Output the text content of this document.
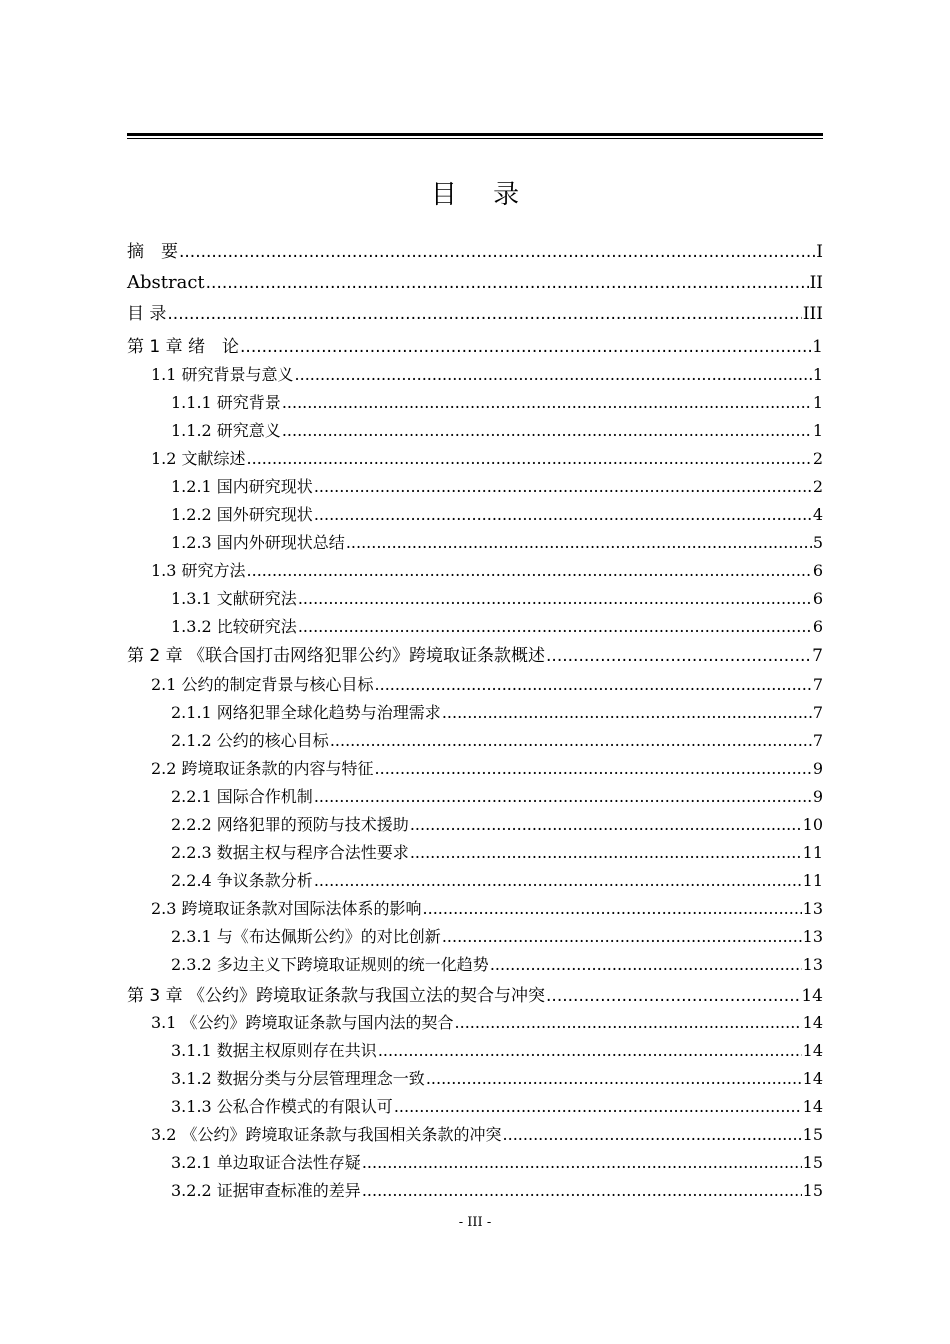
目 录
摘　要 .....	I
Abstract .....	II
目 录 .....	III
第 1 章 绪　论 .....	1
1.1 研究背景与意义 .....	1
1.1.1 研究背景 .....	1
1.1.2 研究意义 .....	1
1.2 文献综述 .....	2
1.2.1 国内研究现状 .....	2
1.2.2 国外研究现状 .....	4
1.2.3 国内外研现状总结 .....	5
1.3 研究方法 .....	6
1.3.1 文献研究法 .....	6
1.3.2 比较研究法 .....	6
第 2 章 《联合国打击网络犯罪公约》跨境取证条款概述 .....	7
2.1 公约的制定背景与核心目标 .....	7
2.1.1 网络犯罪全球化趋势与治理需求 .....	7
2.1.2 公约的核心目标 .....	7
2.2 跨境取证条款的内容与特征 .....	9
2.2.1 国际合作机制 .....	9
2.2.2 网络犯罪的预防与技术援助 .....	10
2.2.3 数据主权与程序合法性要求 .....	11
2.2.4 争议条款分析 .....	11
2.3 跨境取证条款对国际法体系的影响 .....	13
2.3.1 与《布达佩斯公约》的对比创新 .....	13
2.3.2 多边主义下跨境取证规则的统一化趋势 .....	13
第 3 章 《公约》跨境取证条款与我国立法的契合与冲突 .....	14
3.1 《公约》跨境取证条款与国内法的契合 .....	14
3.1.1 数据主权原则存在共识 .....	14
3.1.2 数据分类与分层管理理念一致 .....	14
3.1.3 公私合作模式的有限认可 .....	14
3.2 《公约》跨境取证条款与我国相关条款的冲突 .....	15
3.2.1 单边取证合法性存疑 .....	15
3.2.2 证据审查标准的差异 .....	15
- III -
